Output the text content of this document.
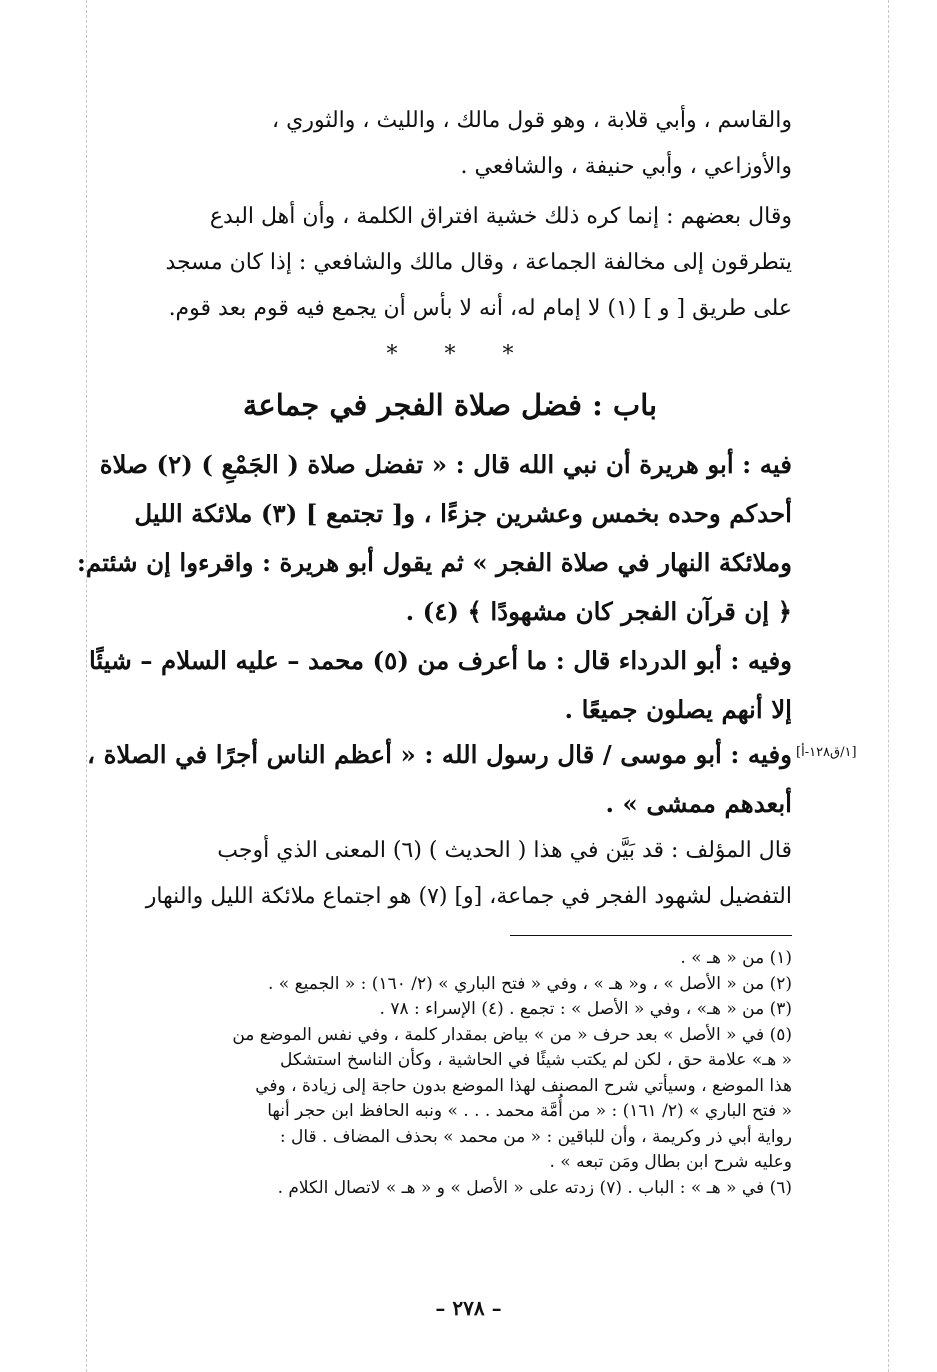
والقاسم ، وأبي قلابة ، وهو قول مالك ، والليث ، والثوري ،
والأوزاعي ، وأبي حنيفة ، والشافعي .
وقال بعضهم : إنما كره ذلك خشية افتراق الكلمة ، وأن أهل البدع
يتطرقون إلى مخالفة الجماعة ، وقال مالك والشافعي : إذا كان مسجد
على طريق [ و ] (١) لا إمام له، أنه لا بأس أن يجمع فيه قوم بعد قوم.
* * *
باب : فضل صلاة الفجر في جماعة
فيه : أبو هريرة أن نبي الله قال : « تفضل صلاة ( الجَمْعِ ) (٢) صلاة
أحدكم وحده بخمس وعشرين جزءًا ، و[ تجتمع ] (٣) ملائكة الليل
وملائكة النهار في صلاة الفجر » ثم يقول أبو هريرة : واقرءوا إن شئتم:
﴿ إن قرآن الفجر كان مشهودًا ﴾ (٤) .
وفيه : أبو الدرداء قال : ما أعرف من (٥) محمد – عليه السلام – شيئًا
إلا أنهم يصلون جميعًا .
[١/ق١٢٨-أ]
وفيه : أبو موسى / قال رسول الله : « أعظم الناس أجرًا في الصلاة ،
أبعدهم ممشى » .
قال المؤلف : قد بَيَّن في هذا ( الحديث ) (٦) المعنى الذي أوجب
التفضيل لشهود الفجر في جماعة، [و] (٧) هو اجتماع ملائكة الليل والنهار
(١) من « هـ » .
(٢) من « الأصل » ، و« هـ » ، وفي « فتح الباري » (٢/ ١٦٠) : « الجميع » .
(٣) من « هـ» ، وفي « الأصل » : تجمع . (٤) الإسراء : ٧٨ .
(٥) في « الأصل » بعد حرف « من » بياض بمقدار كلمة ، وفي نفس الموضع من
« هـ» علامة حق ، لكن لم يكتب شيئًا في الحاشية ، وكأن الناسخ استشكل
هذا الموضع ، وسيأتي شرح المصنف لهذا الموضع بدون حاجة إلى زيادة ، وفي
« فتح الباري » (٢/ ١٦١) : « من أُمَّة محمد . . . » ونبه الحافظ ابن حجر أنها
رواية أبي ذر وكريمة ، وأن للباقين : « من محمد » بحذف المضاف . قال :
وعليه شرح ابن بطال ومَن تبعه » .
(٦) في « هـ » : الباب . (٧) زدته على « الأصل » و « هـ » لاتصال الكلام .
– ٢٧٨ –
